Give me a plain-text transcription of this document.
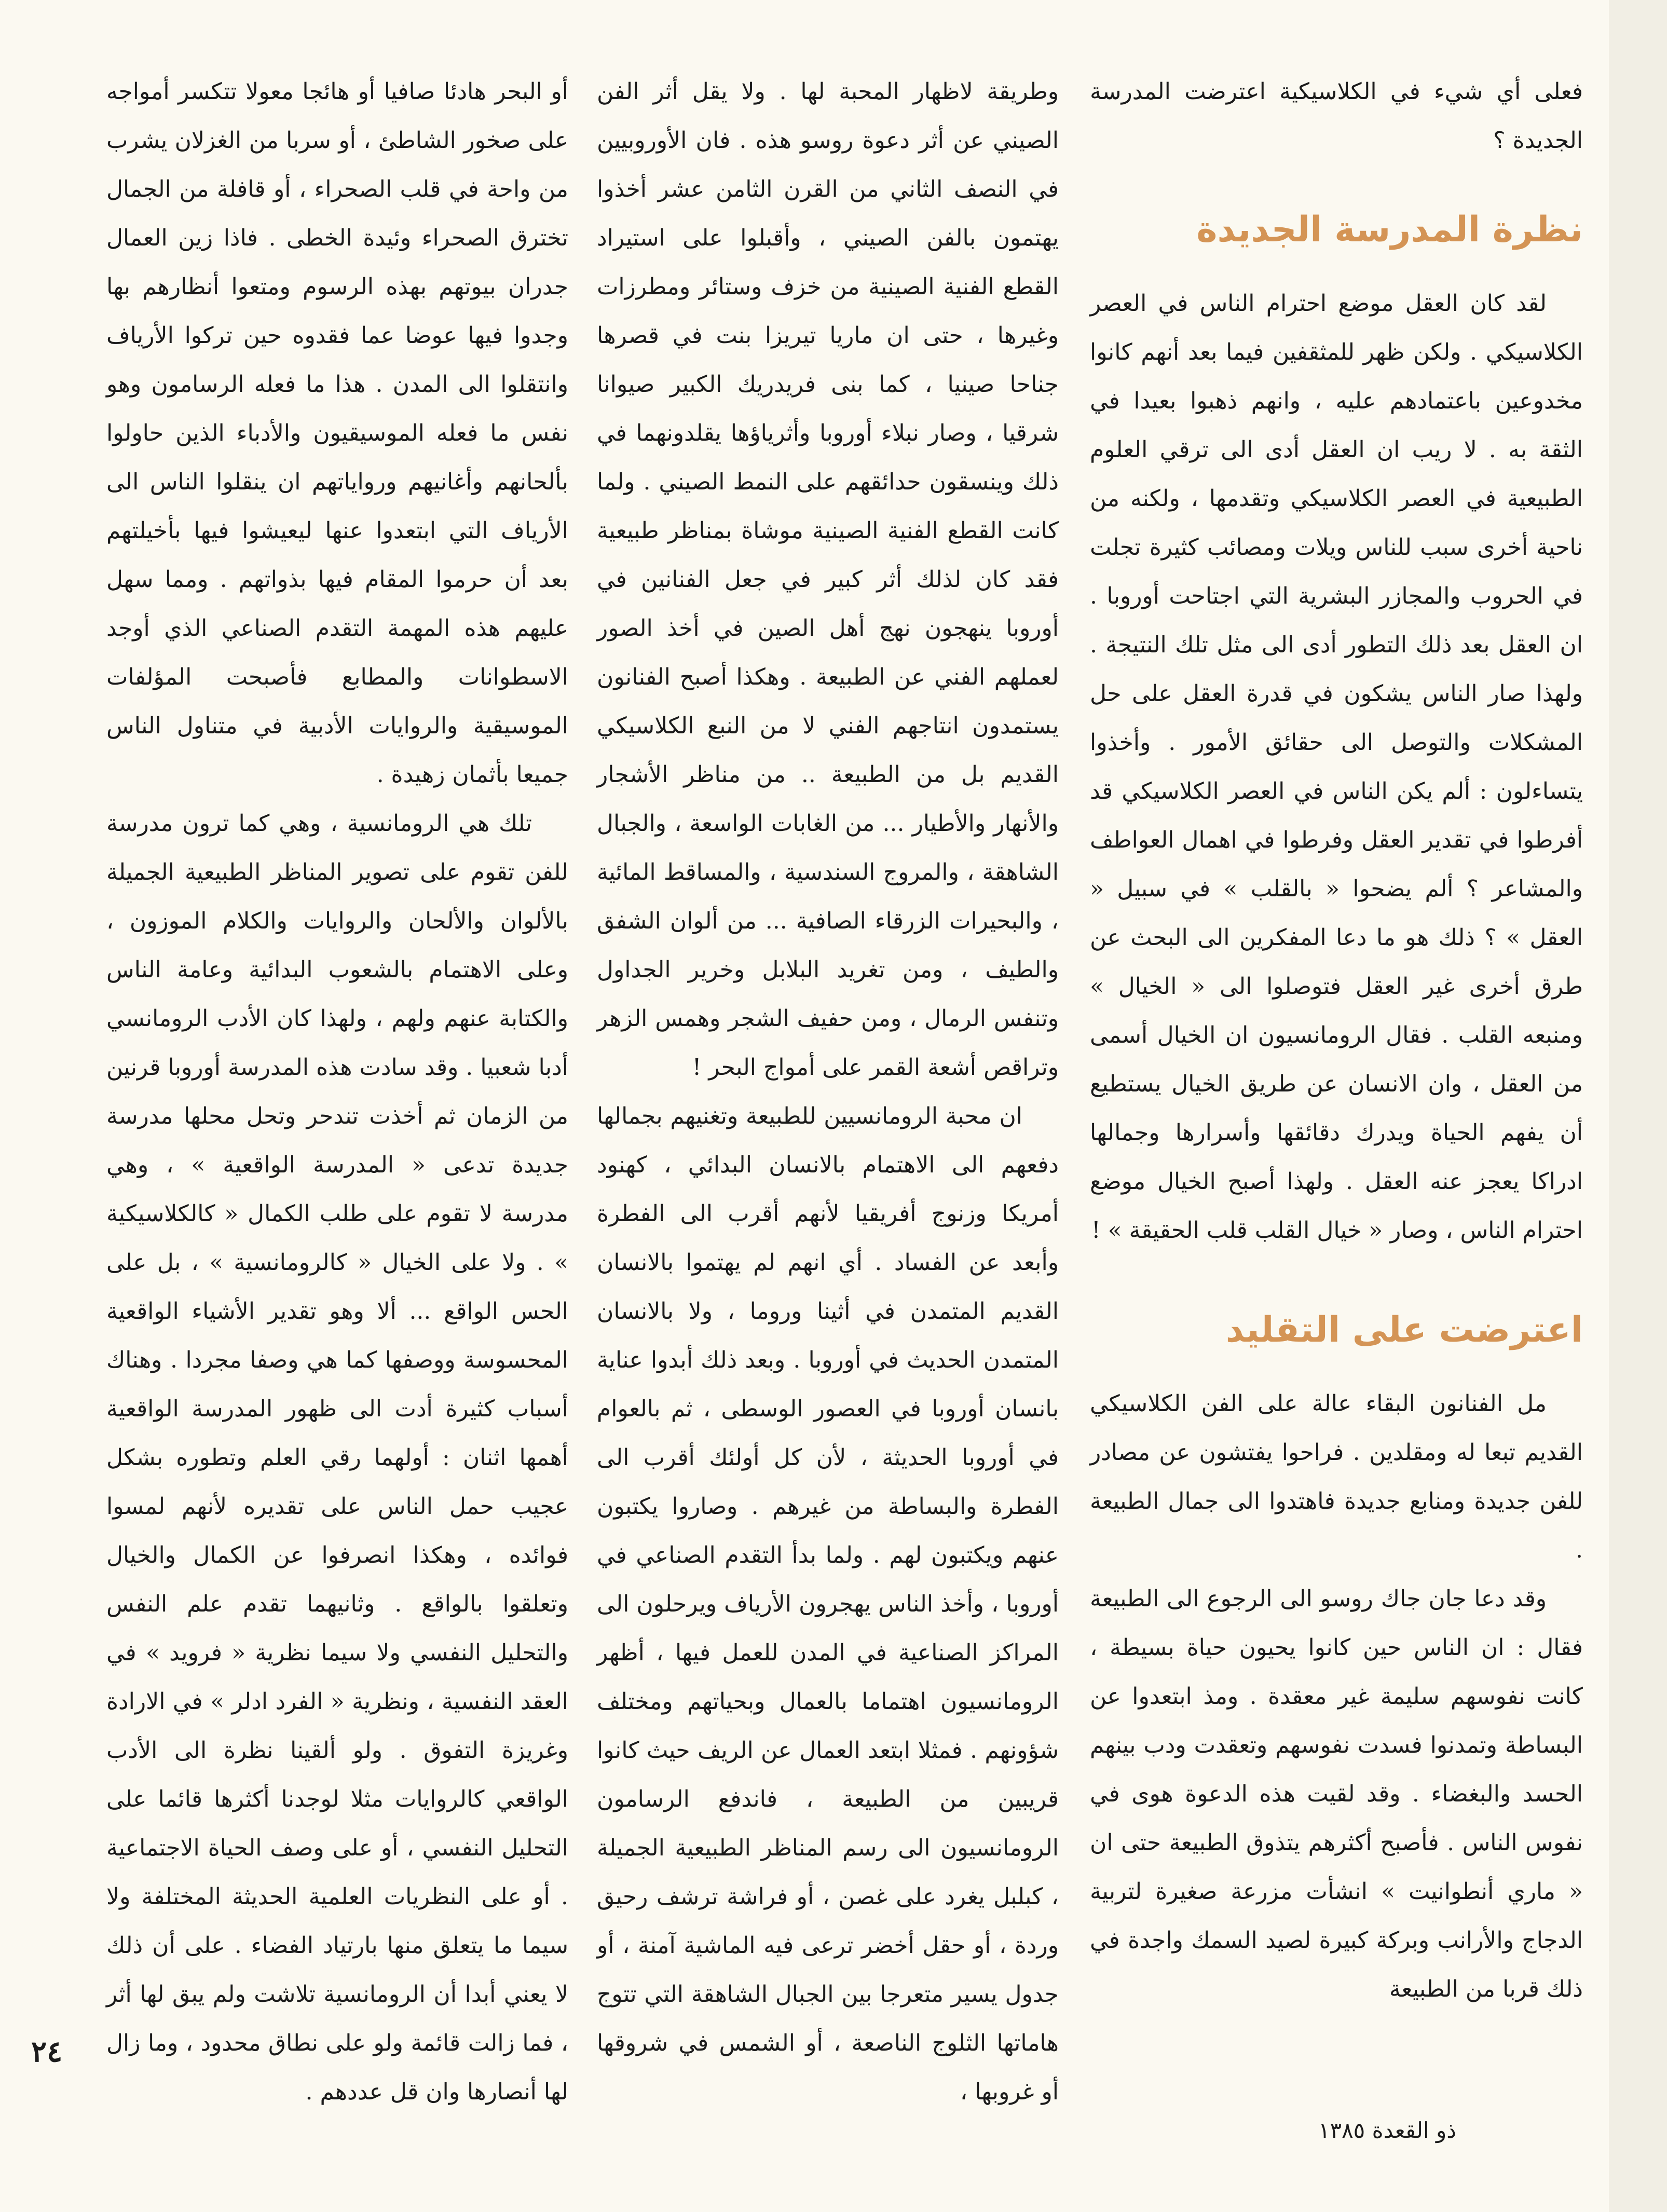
فعلى أي شيء في الكلاسيكية اعترضت المدرسة الجديدة ؟

نظرة المدرسة الجديدة

لقد كان العقل موضع احترام الناس في العصر الكلاسيكي . ولكن ظهر للمثقفين فيما بعد أنهم كانوا مخدوعين باعتمادهم عليه ، وانهم ذهبوا بعيدا في الثقة به . لا ريب ان العقل أدى الى ترقي العلوم الطبيعية في العصر الكلاسيكي وتقدمها ، ولكنه من ناحية أخرى سبب للناس ويلات ومصائب كثيرة تجلت في الحروب والمجازر البشرية التي اجتاحت أوروبا . ان العقل بعد ذلك التطور أدى الى مثل تلك النتيجة . ولهذا صار الناس يشكون في قدرة العقل على حل المشكلات والتوصل الى حقائق الأمور . وأخذوا يتساءلون : ألم يكن الناس في العصر الكلاسيكي قد أفرطوا في تقدير العقل وفرطوا في اهمال العواطف والمشاعر ؟ ألم يضحوا « بالقلب » في سبيل « العقل » ؟ ذلك هو ما دعا المفكرين الى البحث عن طرق أخرى غير العقل فتوصلوا الى « الخيال » ومنبعه القلب . فقال الرومانسيون ان الخيال أسمى من العقل ، وان الانسان عن طريق الخيال يستطيع أن يفهم الحياة ويدرك دقائقها وأسرارها وجمالها ادراكا يعجز عنه العقل . ولهذا أصبح الخيال موضع احترام الناس ، وصار « خيال القلب قلب الحقيقة » !

اعترضت على التقليد

مل الفنانون البقاء عالة على الفن الكلاسيكي القديم تبعا له ومقلدين . فراحوا يفتشون عن مصادر للفن جديدة ومنابع جديدة فاهتدوا الى جمال الطبيعة .

وقد دعا جان جاك روسو الى الرجوع الى الطبيعة فقال : ان الناس حين كانوا يحيون حياة بسيطة ، كانت نفوسهم سليمة غير معقدة . ومذ ابتعدوا عن البساطة وتمدنوا فسدت نفوسهم وتعقدت ودب بينهم الحسد والبغضاء . وقد لقيت هذه الدعوة هوى في نفوس الناس . فأصبح أكثرهم يتذوق الطبيعة حتى ان « ماري أنطوانيت » انشأت مزرعة صغيرة لتربية الدجاج والأرانب وبركة كبيرة لصيد السمك واجدة في ذلك قربا من الطبيعة

وطريقة لاظهار المحبة لها . ولا يقل أثر الفن الصيني عن أثر دعوة روسو هذه . فان الأوروبيين في النصف الثاني من القرن الثامن عشر أخذوا يهتمون بالفن الصيني ، وأقبلوا على استيراد القطع الفنية الصينية من خزف وستائر ومطرزات وغيرها ، حتى ان ماريا تيريزا بنت في قصرها جناحا صينيا ، كما بنى فريدريك الكبير صيوانا شرقيا ، وصار نبلاء أوروبا وأثرياؤها يقلدونهما في ذلك وينسقون حدائقهم على النمط الصيني . ولما كانت القطع الفنية الصينية موشاة بمناظر طبيعية فقد كان لذلك أثر كبير في جعل الفنانين في أوروبا ينهجون نهج أهل الصين في أخذ الصور لعملهم الفني عن الطبيعة . وهكذا أصبح الفنانون يستمدون انتاجهم الفني لا من النبع الكلاسيكي القديم بل من الطبيعة .. من مناظر الأشجار والأنهار والأطيار ... من الغابات الواسعة ، والجبال الشاهقة ، والمروج السندسية ، والمساقط المائية ، والبحيرات الزرقاء الصافية ... من ألوان الشفق والطيف ، ومن تغريد البلابل وخرير الجداول وتنفس الرمال ، ومن حفيف الشجر وهمس الزهر وتراقص أشعة القمر على أمواج البحر !

ان محبة الرومانسيين للطبيعة وتغنيهم بجمالها دفعهم الى الاهتمام بالانسان البدائي ، كهنود أمريكا وزنوج أفريقيا لأنهم أقرب الى الفطرة وأبعد عن الفساد . أي انهم لم يهتموا بالانسان القديم المتمدن في أثينا وروما ، ولا بالانسان المتمدن الحديث في أوروبا . وبعد ذلك أبدوا عناية بانسان أوروبا في العصور الوسطى ، ثم بالعوام في أوروبا الحديثة ، لأن كل أولئك أقرب الى الفطرة والبساطة من غيرهم . وصاروا يكتبون عنهم ويكتبون لهم . ولما بدأ التقدم الصناعي في أوروبا ، وأخذ الناس يهجرون الأرياف ويرحلون الى المراكز الصناعية في المدن للعمل فيها ، أظهر الرومانسيون اهتماما بالعمال وبحياتهم ومختلف شؤونهم . فمثلا ابتعد العمال عن الريف حيث كانوا قريبين من الطبيعة ، فاندفع الرسامون الرومانسيون الى رسم المناظر الطبيعية الجميلة ، كبلبل يغرد على غصن ، أو فراشة ترشف رحيق وردة ، أو حقل أخضر ترعى فيه الماشية آمنة ، أو جدول يسير متعرجا بين الجبال الشاهقة التي تتوج هاماتها الثلوج الناصعة ، أو الشمس في شروقها أو غروبها ،

أو البحر هادئا صافيا أو هائجا معولا تتكسر أمواجه على صخور الشاطئ ، أو سربا من الغزلان يشرب من واحة في قلب الصحراء ، أو قافلة من الجمال تخترق الصحراء وئيدة الخطى . فاذا زين العمال جدران بيوتهم بهذه الرسوم ومتعوا أنظارهم بها وجدوا فيها عوضا عما فقدوه حين تركوا الأرياف وانتقلوا الى المدن . هذا ما فعله الرسامون وهو نفس ما فعله الموسيقيون والأدباء الذين حاولوا بألحانهم وأغانيهم ورواياتهم ان ينقلوا الناس الى الأرياف التي ابتعدوا عنها ليعيشوا فيها بأخيلتهم بعد أن حرموا المقام فيها بذواتهم . ومما سهل عليهم هذه المهمة التقدم الصناعي الذي أوجد الاسطوانات والمطابع فأصبحت المؤلفات الموسيقية والروايات الأدبية في متناول الناس جميعا بأثمان زهيدة .

تلك هي الرومانسية ، وهي كما ترون مدرسة للفن تقوم على تصوير المناظر الطبيعية الجميلة بالألوان والألحان والروايات والكلام الموزون ، وعلى الاهتمام بالشعوب البدائية وعامة الناس والكتابة عنهم ولهم ، ولهذا كان الأدب الرومانسي أدبا شعبيا . وقد سادت هذه المدرسة أوروبا قرنين من الزمان ثم أخذت تندحر وتحل محلها مدرسة جديدة تدعى « المدرسة الواقعية » ، وهي مدرسة لا تقوم على طلب الكمال « كالكلاسيكية » . ولا على الخيال « كالرومانسية » ، بل على الحس الواقع ... ألا وهو تقدير الأشياء الواقعية المحسوسة ووصفها كما هي وصفا مجردا . وهناك أسباب كثيرة أدت الى ظهور المدرسة الواقعية أهمها اثنان : أولهما رقي العلم وتطوره بشكل عجيب حمل الناس على تقديره لأنهم لمسوا فوائده ، وهكذا انصرفوا عن الكمال والخيال وتعلقوا بالواقع . وثانيهما تقدم علم النفس والتحليل النفسي ولا سيما نظرية « فرويد » في العقد النفسية ، ونظرية « الفرد ادلر » في الارادة وغريزة التفوق . ولو ألقينا نظرة الى الأدب الواقعي كالروايات مثلا لوجدنا أكثرها قائما على التحليل النفسي ، أو على وصف الحياة الاجتماعية . أو على النظريات العلمية الحديثة المختلفة ولا سيما ما يتعلق منها بارتياد الفضاء . على أن ذلك لا يعني أبدا أن الرومانسية تلاشت ولم يبق لها أثر ، فما زالت قائمة ولو على نطاق محدود ، وما زال لها أنصارها وان قل عددهم .

٢٤
ذو القعدة ١٣٨٥
